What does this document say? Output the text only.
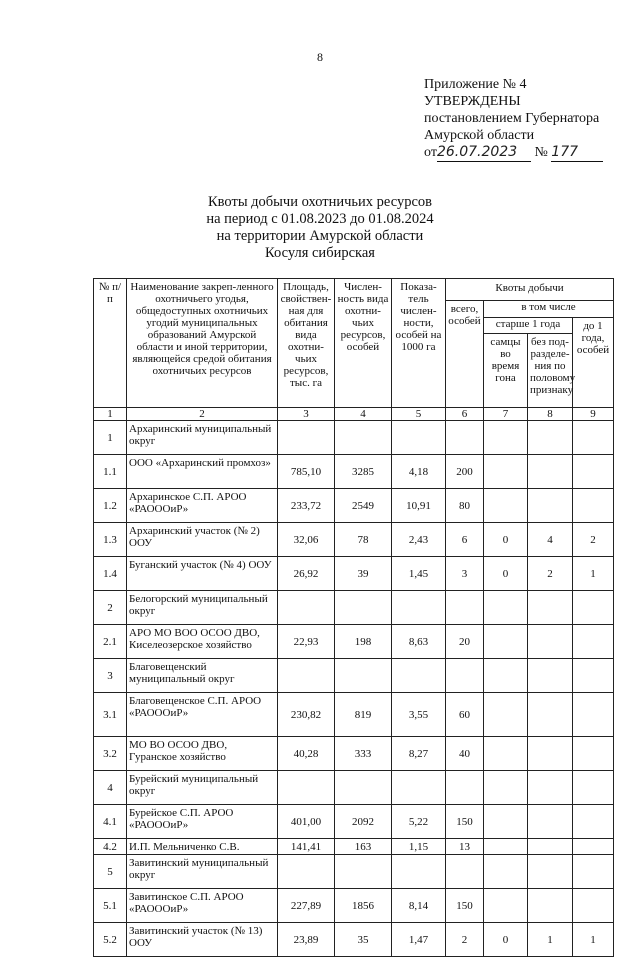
8
Приложение № 4
УТВЕРЖДЕНЫ
постановлением Губернатора
Амурской области
от26.07.2023 № 177
Квоты добычи охотничьих ресурсов
на период с 01.08.2023 до 01.08.2024
на территории Амурской области
Косуля сибирская
№ п/п	Наименование закреп-ленного охотничьего угодья, общедоступных охотничьих угодий муниципальных образований Амурской области и иной территории, являющейся средой обитания охотничьих ресурсов	Площадь, свойствен-ная для обитания вида охотни-чьих ресурсов, тыс. га	Числен-ность вида охотни-чьих ресурсов, особей	Показа-тель числен-ности, особей на 1000 га	Квоты добычи			
					всего, особей	в том числе		
						старше 1 года		до 1 года, особей
						самцы во время гона	без под-разделе-ния по половому признаку	
1	2	3	4	5	6	7	8	9
1	Архаринский муниципальный округ							
1.1	ООО «Архаринский промхоз»	785,10	3285	4,18	200			
1.2	Архаринское С.П. АРОО «РАОООиР»	233,72	2549	10,91	80			
1.3	Архаринский участок (№ 2) ООУ	32,06	78	2,43	6	0	4	2
1.4	Буганский участок (№ 4) ООУ	26,92	39	1,45	3	0	2	1
2	Белогорский муниципальный округ							
2.1	АРО МО ВОО ОСОО ДВО, Киселеозерское хозяйство	22,93	198	8,63	20			
3	Благовещенский муниципальный округ							
3.1	Благовещенское С.П. АРОО «РАОООиР»	230,82	819	3,55	60			
3.2	МО ВО ОСОО ДВО, Гуранское хозяйство	40,28	333	8,27	40			
4	Бурейский муниципальный округ							
4.1	Бурейское С.П. АРОО «РАОООиР»	401,00	2092	5,22	150			
4.2	И.П. Мельниченко С.В.	141,41	163	1,15	13			
5	Завитинский муниципальный округ							
5.1	Завитинское С.П. АРОО «РАОООиР»	227,89	1856	8,14	150			
5.2	Завитинский участок (№ 13) ООУ	23,89	35	1,47	2	0	1	1
